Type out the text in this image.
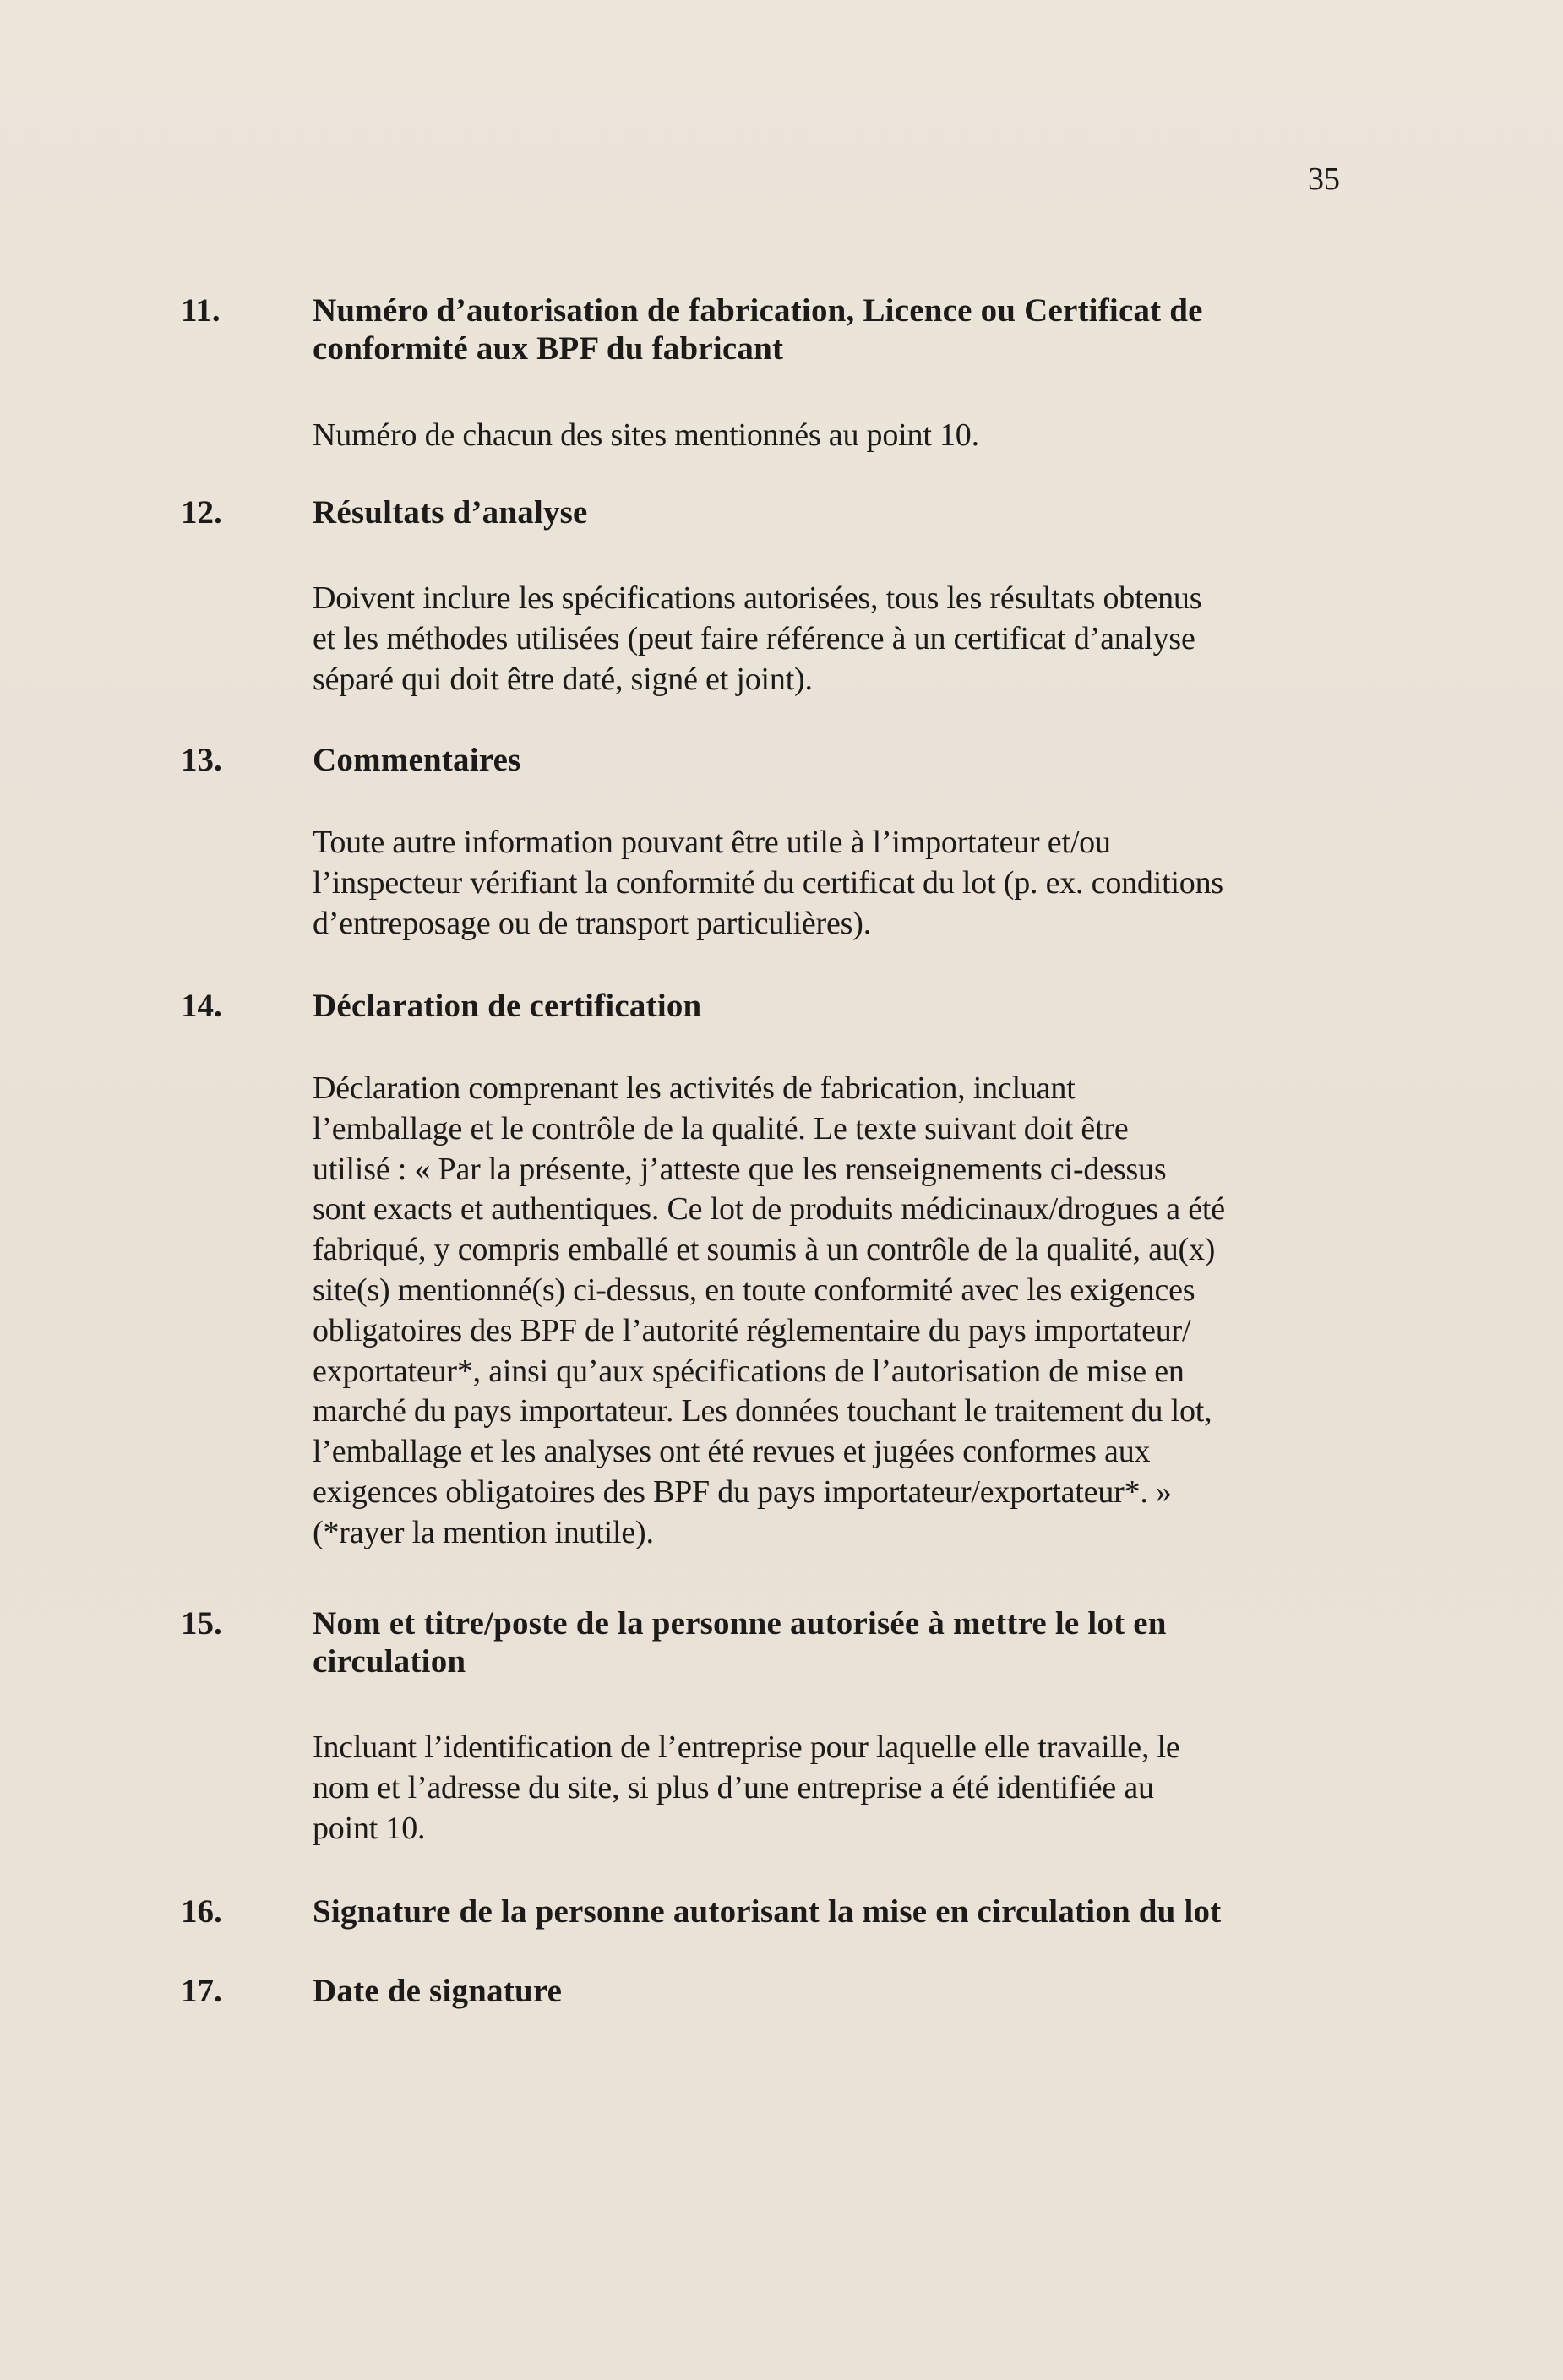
35
11.	Numéro d’autorisation de fabrication, Licence ou Certificat de
conformité aux BPF du fabricant
Numéro de chacun des sites mentionnés au point 10.
12.	Résultats d’analyse
Doivent inclure les spécifications autorisées, tous les résultats obtenus
et les méthodes utilisées (peut faire référence à un certificat d’analyse
séparé qui doit être daté, signé et joint).
13.	Commentaires
Toute autre information pouvant être utile à l’importateur et/ou
l’inspecteur vérifiant la conformité du certificat du lot (p. ex. conditions
d’entreposage ou de transport particulières).
14.	Déclaration de certification
Déclaration comprenant les activités de fabrication, incluant
l’emballage et le contrôle de la qualité. Le texte suivant doit être
utilisé : « Par la présente, j’atteste que les renseignements ci-dessus
sont exacts et authentiques. Ce lot de produits médicinaux/drogues a été
fabriqué, y compris emballé et soumis à un contrôle de la qualité, au(x)
site(s) mentionné(s) ci-dessus, en toute conformité avec les exigences
obligatoires des BPF de l’autorité réglementaire du pays importateur/
exportateur*, ainsi qu’aux spécifications de l’autorisation de mise en
marché du pays importateur. Les données touchant le traitement du lot,
l’emballage et les analyses ont été revues et jugées conformes aux
exigences obligatoires des BPF du pays importateur/exportateur*. »
(*rayer la mention inutile).
15.	Nom et titre/poste de la personne autorisée à mettre le lot en
circulation
Incluant l’identification de l’entreprise pour laquelle elle travaille, le
nom et l’adresse du site, si plus d’une entreprise a été identifiée au
point 10.
16.	Signature de la personne autorisant la mise en circulation du lot
17.	Date de signature
